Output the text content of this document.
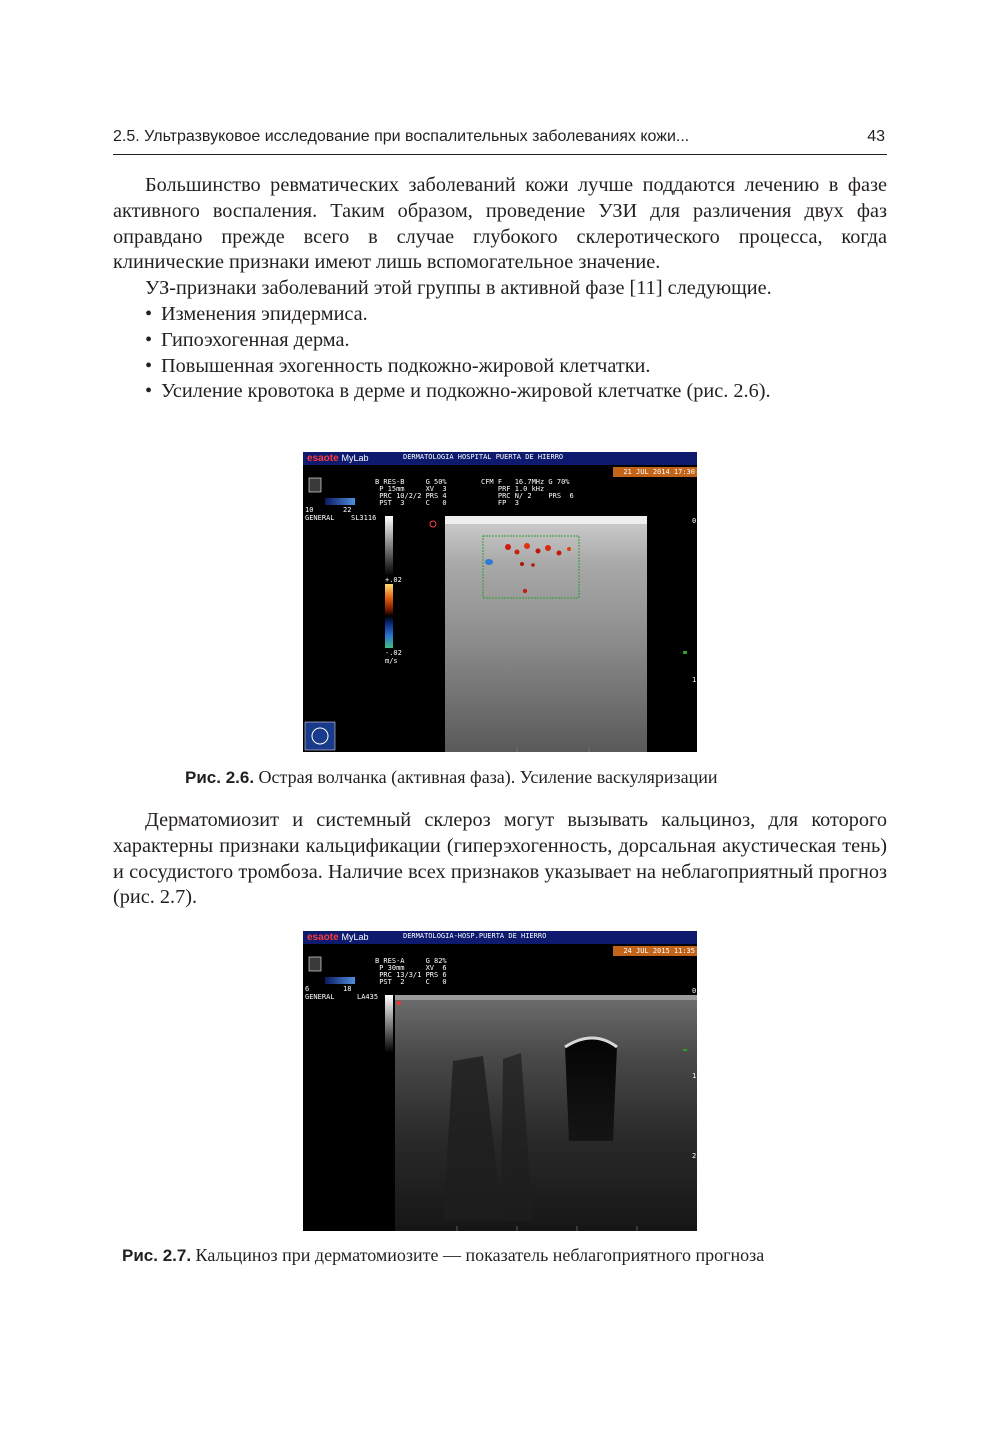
2.5. Ультразвуковое исследование при воспалительных заболеваниях кожи...	43

Большинство ревматических заболеваний кожи лучше поддаются лечению в фазе активного воспаления. Таким образом, проведение УЗИ для различения двух фаз оправдано прежде всего в случае глубокого склеротического процесса, когда клинические признаки имеют лишь вспомогательное значение.

УЗ-признаки заболеваний этой группы в активной фазе [11] следующие.

• Изменения эпидермиса.
• Гипоэхогенная дерма.
• Повышенная эхогенность подкожно-жировой клетчатки.
• Усиление кровотока в дерме и подкожно-жировой клетчатке (рис. 2.6).
esaote MyLab	DERMATOLOGIA HOSPITAL PUERTA DE HIERRO
21 JUL 2014 17:30
B RES-B     G 50%
P 15mm     XV  3
PRC 10/2/2 PRS 4
PST  3     C   0
CFM F   16.7MHz G 70%
PRF 1.0 kHz
PRC N/ 2    PRS  6
FP  3
10	22
GENERAL SL3116
+.02
-.02
m/s
0
1
Рис. 2.6. Острая волчанка (активная фаза). Усиление васкуляризации

Дерматомиозит и системный склероз могут вызывать кальциноз, для которого характерны признаки кальцификации (гиперэхогенность, дорсальная акустическая тень) и сосудистого тромбоза. Наличие всех признаков указывает на неблагоприятный прогноз (рис. 2.7).

esaote MyLab	DERMATOLOGIA-HOSP.PUERTA DE HIERRO
24 JUL 2015 11:35
B RES-A     G 82%
P 30mm     XV  6
PRC 13/3/1 PRS 6
PST  2     C   0
6	18
GENERAL	LA435
0
1
2
Рис. 2.7. Кальциноз при дерматомиозите — показатель неблагоприятного прогноза
